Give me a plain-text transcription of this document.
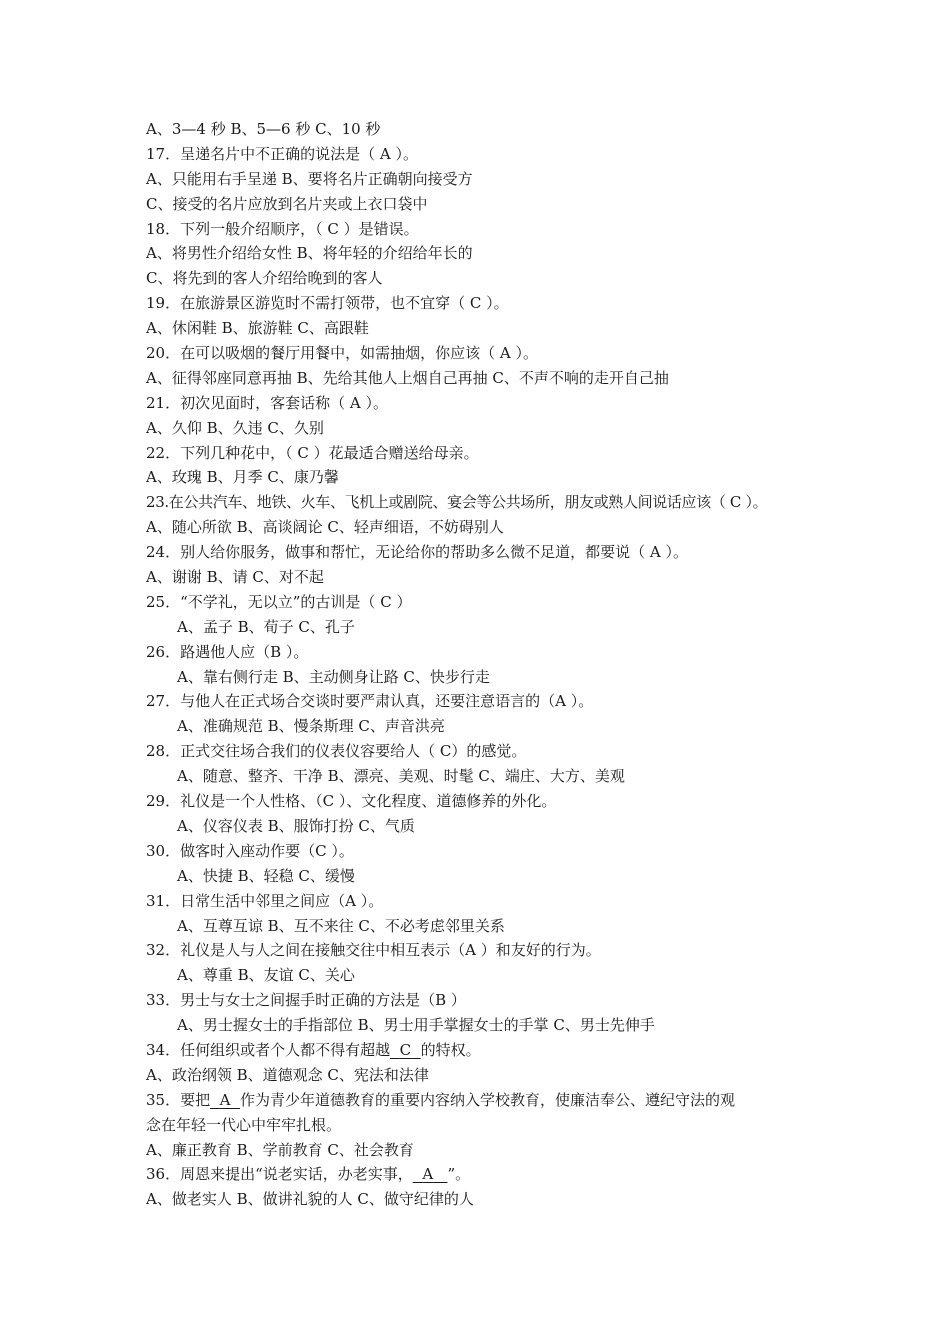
A、3—4 秒 B、5—6 秒 C、10 秒
17．呈递名片中不正确的说法是（ A ）。
A、只能用右手呈递 B、要将名片正确朝向接受方
C、接受的名片应放到名片夹或上衣口袋中
18．下列一般介绍顺序，（ C ）是错误。
A、将男性介绍给女性 B、将年轻的介绍给年长的
C、将先到的客人介绍给晚到的客人
19．在旅游景区游览时不需打领带，也不宜穿（ C ）。
A、休闲鞋 B、旅游鞋 C、高跟鞋
20．在可以吸烟的餐厅用餐中，如需抽烟，你应该（ A ）。
A、征得邻座同意再抽 B、先给其他人上烟自己再抽 C、不声不响的走开自己抽
21．初次见面时，客套话称（ A ）。
A、久仰 B、久违 C、久别
22．下列几种花中，（ C ）花最适合赠送给母亲。
A、玫瑰 B、月季 C、康乃馨
23.在公共汽车、地铁、火车、飞机上或剧院、宴会等公共场所，朋友或熟人间说话应该（ C ）。
A、随心所欲 B、高谈阔论 C、轻声细语，不妨碍别人
24．别人给你服务，做事和帮忙，无论给你的帮助多么微不足道，都要说（ A ）。
A、谢谢 B、请 C、对不起
25．“不学礼，无以立”的古训是（ C ）
A、孟子 B、荀子 C、孔子
26．路遇他人应（B ）。
A、靠右侧行走 B、主动侧身让路 C、快步行走
27．与他人在正式场合交谈时要严肃认真，还要注意语言的（A ）。
A、准确规范 B、慢条斯理 C、声音洪亮
28．正式交往场合我们的仪表仪容要给人（ C）的感觉。
A、随意、整齐、干净 B、漂亮、美观、时髦 C、端庄、大方、美观
29．礼仪是一个人性格、（C ）、文化程度、道德修养的外化。
A、仪容仪表 B、服饰打扮 C、气质
30．做客时入座动作要（C ）。
A、快捷 B、轻稳 C、缓慢
31．日常生活中邻里之间应（A ）。
A、互尊互谅 B、互不来往 C、不必考虑邻里关系
32．礼仪是人与人之间在接触交往中相互表示（A ）和友好的行为。
A、尊重 B、友谊 C、关心
33．男士与女士之间握手时正确的方法是（B ）
A、男士握女士的手指部位 B、男士用手掌握女士的手掌 C、男士先伸手
34．任何组织或者个人都不得有超越 C 的特权。
A、政治纲领 B、道德观念 C、宪法和法律
35．要把 A 作为青少年道德教育的重要内容纳入学校教育，使廉洁奉公、遵纪守法的观
念在年轻一代心中牢牢扎根。
A、廉正教育 B、学前教育 C、社会教育
36．周恩来提出“说老实话，办老实事， A ”。
A、做老实人 B、做讲礼貌的人 C、做守纪律的人
